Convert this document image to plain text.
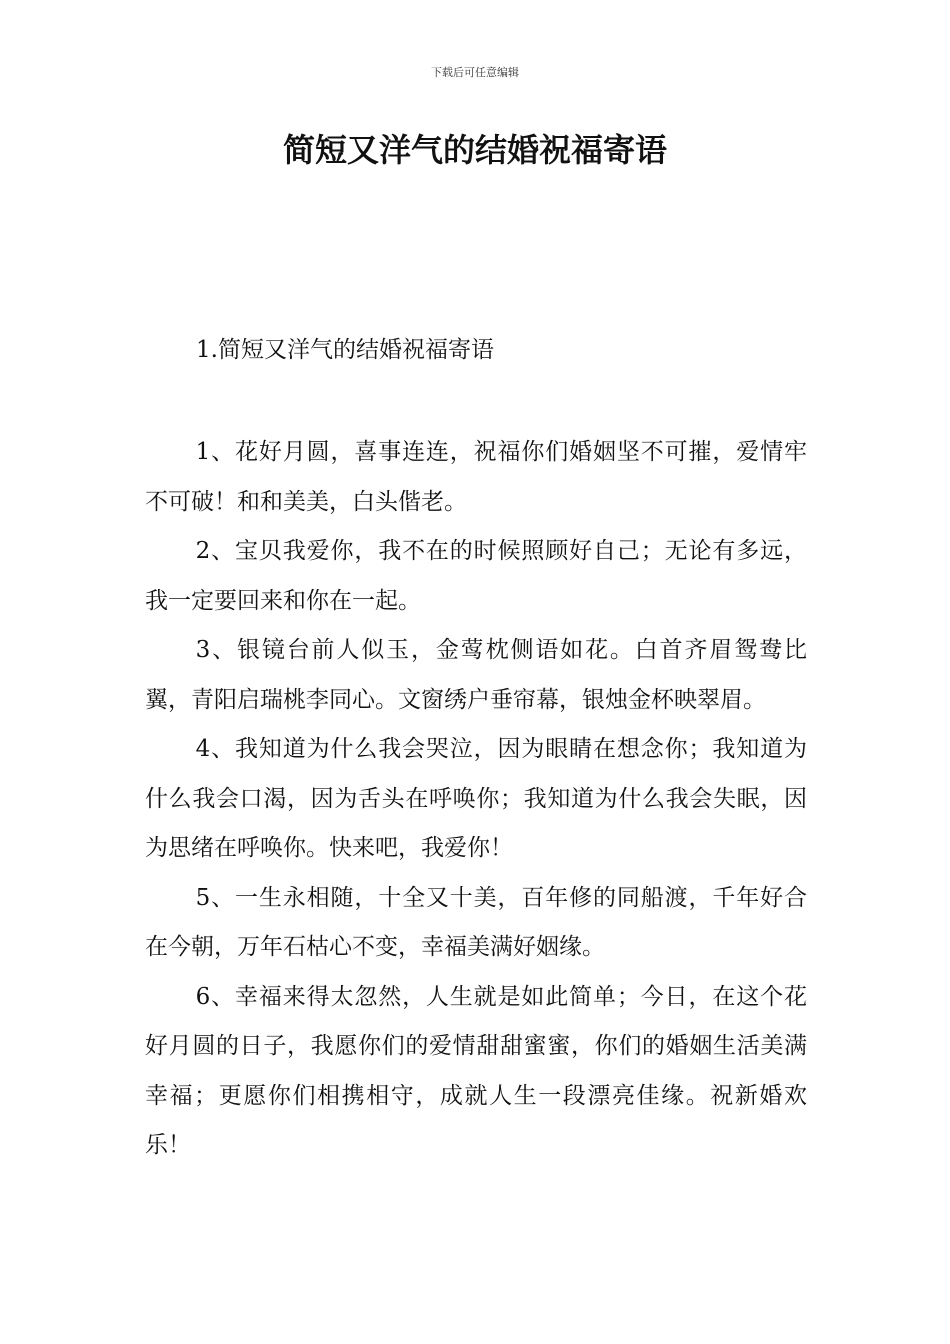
下载后可任意编辑
简短又洋气的结婚祝福寄语
1.简短又洋气的结婚祝福寄语

1、花好月圆，喜事连连，祝福你们婚姻坚不可摧，爱情牢不可破！和和美美，白头偕老。

2、宝贝我爱你，我不在的时候照顾好自己；无论有多远，我一定要回来和你在一起。

3、银镜台前人似玉，金莺枕侧语如花。白首齐眉鸳鸯比翼，青阳启瑞桃李同心。文窗绣户垂帘幕，银烛金杯映翠眉。

4、我知道为什么我会哭泣，因为眼睛在想念你；我知道为什么我会口渴，因为舌头在呼唤你；我知道为什么我会失眠，因为思绪在呼唤你。快来吧，我爱你！

5、一生永相随，十全又十美，百年修的同船渡，千年好合在今朝，万年石枯心不变，幸福美满好姻缘。

6、幸福来得太忽然，人生就是如此简单；今日，在这个花好月圆的日子，我愿你们的爱情甜甜蜜蜜，你们的婚姻生活美满幸福；更愿你们相携相守，成就人生一段漂亮佳缘。祝新婚欢乐！
